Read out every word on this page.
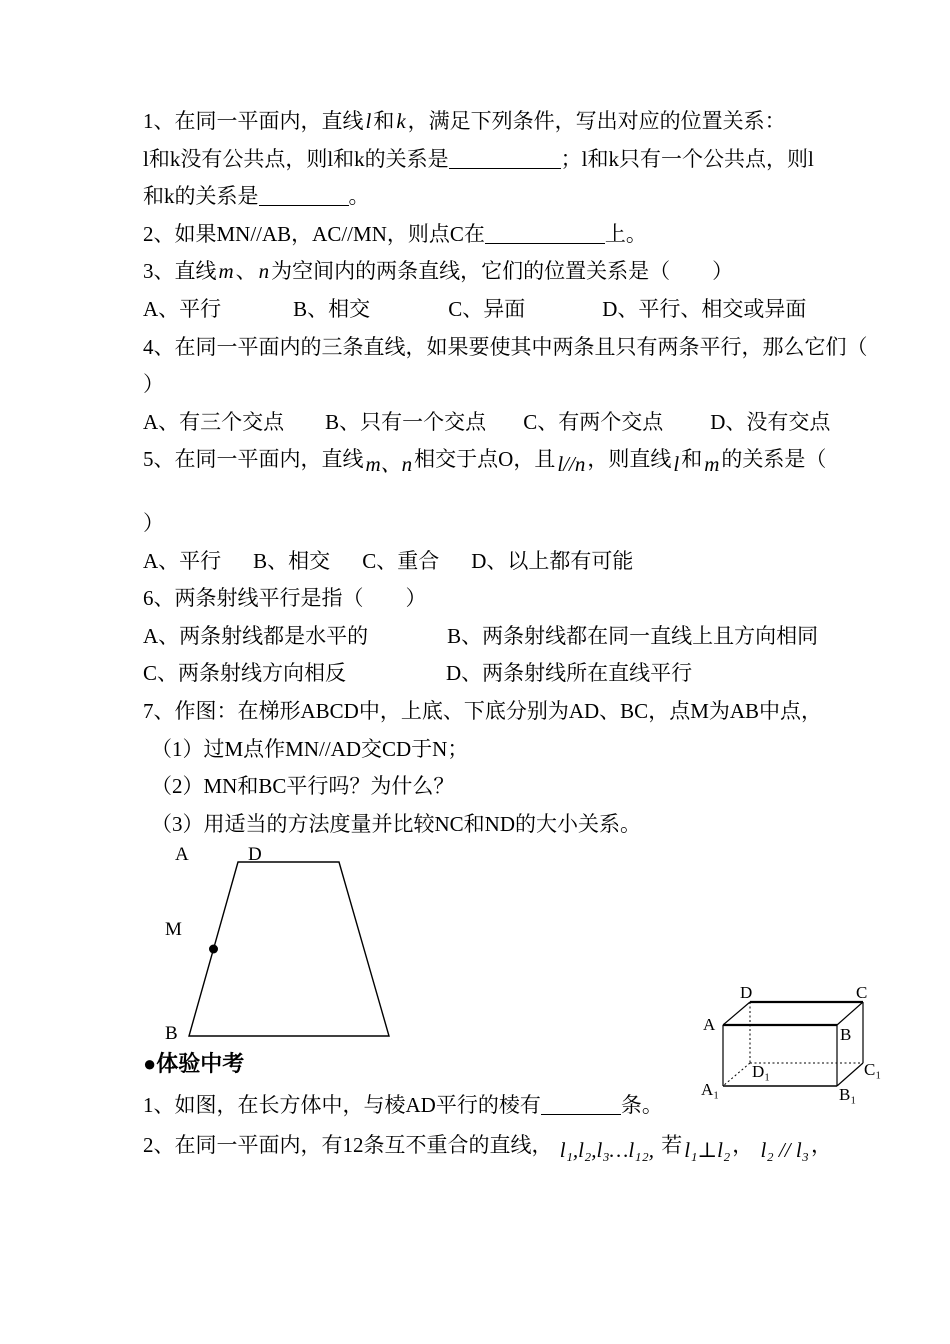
1、在同一平面内，直线l和k，满足下列条件，写出对应的位置关系：
l和k没有公共点，则l和k的关系是	；l和k只有一个公共点，则l
和k的关系是	。
2、如果MN//AB，AC//MN，则点C在	上。
3、直线m、n为空间内的两条直线，它们的位置关系是（　　）
A、平行	B、相交	C、异面	D、平行、相交或异面
4、在同一平面内的三条直线，如果要使其中两条且只有两条平行，那么它们（
）
A、有三个交点 B、只有一个交点 C、有两个交点 D、没有交点
5、在同一平面内，直线m、n相交于点O，且l//n，则直线l和m的关系是（
）
A、平行 B、相交 C、重合 D、以上都有可能
6、两条射线平行是指（　　）
A、两条射线都是水平的	B、两条射线都在同一直线上且方向相同
C、两条射线方向相反	D、两条射线所在直线平行
7、作图：在梯形ABCD中，上底、下底分别为AD、BC，点M为AB中点，
（1）过M点作MN//AD交CD于N；
（2）MN和BC平行吗？为什么？
（3）用适当的方法度量并比较NC和ND的大小关系。
A	D
M
B
●体验中考
1、如图，在长方体中，与棱AD平行的棱有	条。
2、在同一平面内，有12条互不重合的直线， l₁,l₂,l₃…l₁₂, 若l₁⊥l₂， l₂ // l₃，
A
B
C
D
A₁	B₁
C₁
D₁
